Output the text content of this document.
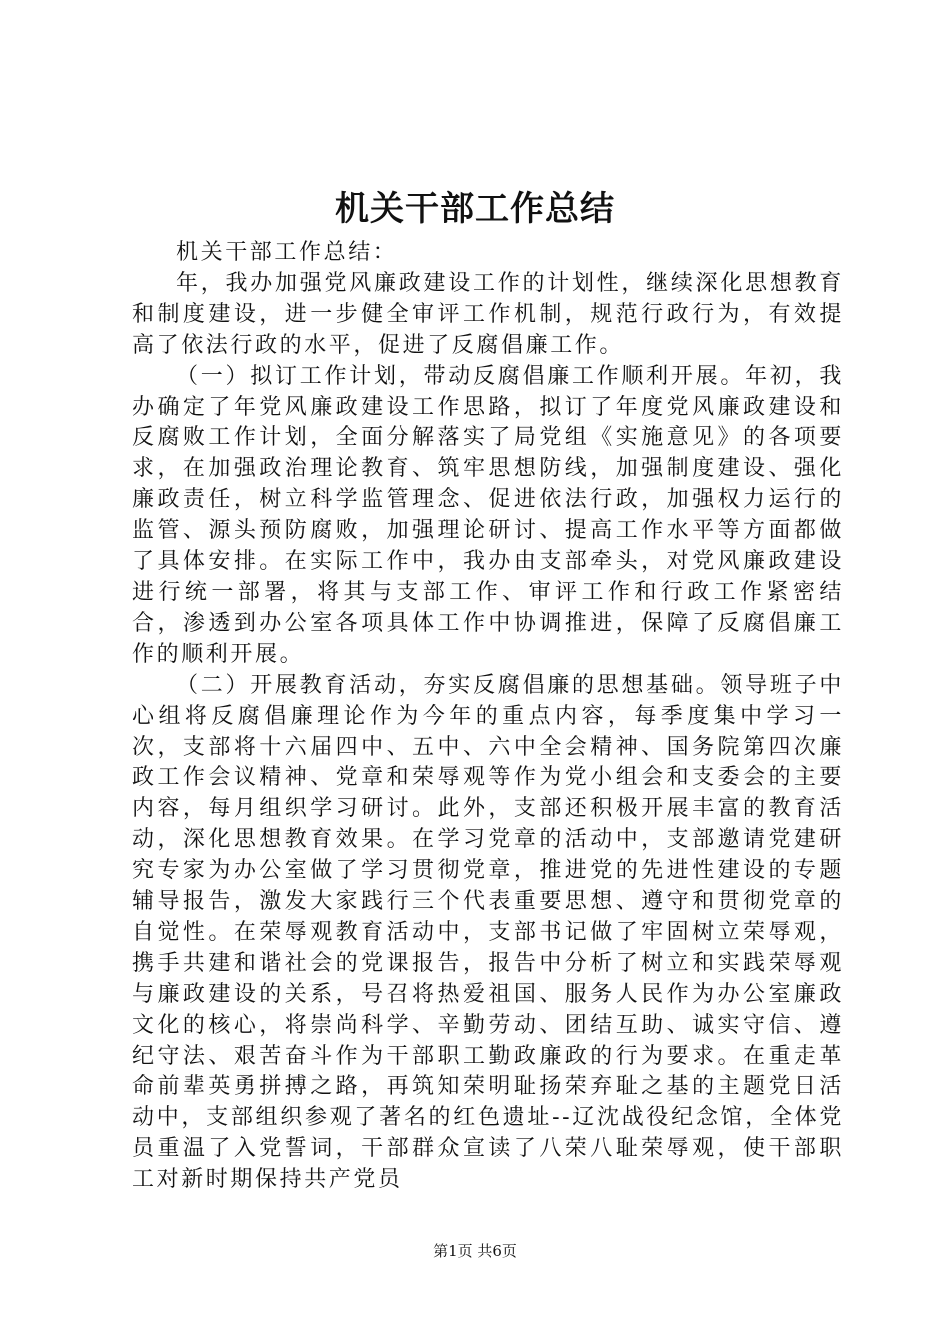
机关干部工作总结

机关干部工作总结：

年，我办加强党风廉政建设工作的计划性，继续深化思想教育和制度建设，进一步健全审评工作机制，规范行政行为，有效提高了依法行政的水平，促进了反腐倡廉工作。

（一）拟订工作计划，带动反腐倡廉工作顺利开展。年初，我办确定了年党风廉政建设工作思路，拟订了年度党风廉政建设和反腐败工作计划，全面分解落实了局党组《实施意见》的各项要求，在加强政治理论教育、筑牢思想防线，加强制度建设、强化廉政责任，树立科学监管理念、促进依法行政，加强权力运行的监管、源头预防腐败，加强理论研讨、提高工作水平等方面都做了具体安排。在实际工作中，我办由支部牵头，对党风廉政建设进行统一部署，将其与支部工作、审评工作和行政工作紧密结合，渗透到办公室各项具体工作中协调推进，保障了反腐倡廉工作的顺利开展。

（二）开展教育活动，夯实反腐倡廉的思想基础。领导班子中心组将反腐倡廉理论作为今年的重点内容，每季度集中学习一次，支部将十六届四中、五中、六中全会精神、国务院第四次廉政工作会议精神、党章和荣辱观等作为党小组会和支委会的主要内容，每月组织学习研讨。此外，支部还积极开展丰富的教育活动，深化思想教育效果。在学习党章的活动中，支部邀请党建研究专家为办公室做了学习贯彻党章，推进党的先进性建设的专题辅导报告，激发大家践行三个代表重要思想、遵守和贯彻党章的自觉性。在荣辱观教育活动中，支部书记做了牢固树立荣辱观，携手共建和谐社会的党课报告，报告中分析了树立和实践荣辱观与廉政建设的关系，号召将热爱祖国、服务人民作为办公室廉政文化的核心，将崇尚科学、辛勤劳动、团结互助、诚实守信、遵纪守法、艰苦奋斗作为干部职工勤政廉政的行为要求。在重走革命前辈英勇拼搏之路，再筑知荣明耻扬荣弃耻之基的主题党日活动中，支部组织参观了著名的红色遗址--辽沈战役纪念馆，全体党员重温了入党誓词，干部群众宣读了八荣八耻荣辱观，使干部职工对新时期保持共产党员

第1页 共6页
